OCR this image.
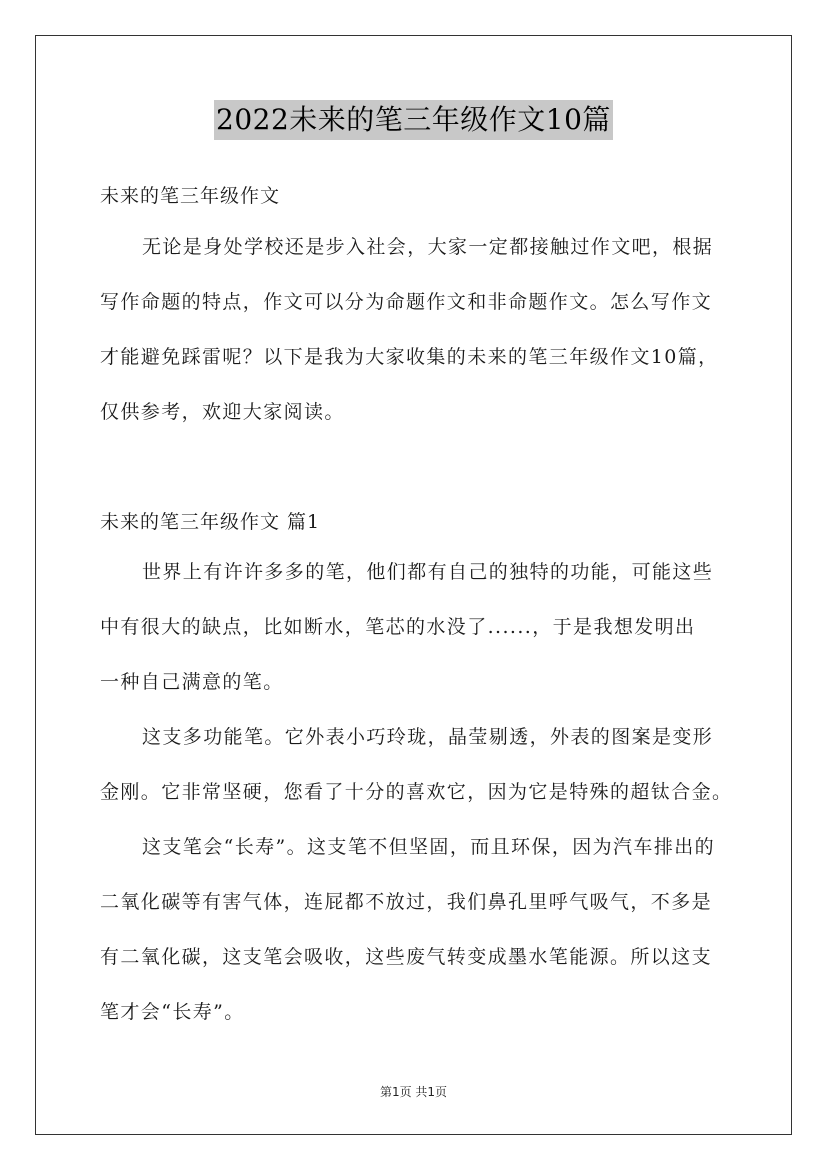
2022未来的笔三年级作文10篇
未来的笔三年级作文
无论是身处学校还是步入社会，大家一定都接触过作文吧，根据
写作命题的特点，作文可以分为命题作文和非命题作文。怎么写作文
才能避免踩雷呢？以下是我为大家收集的未来的笔三年级作文10篇，
仅供参考，欢迎大家阅读。
未来的笔三年级作文 篇1
世界上有许许多多的笔，他们都有自己的独特的功能，可能这些
中有很大的缺点，比如断水，笔芯的水没了......，于是我想发明出
一种自己满意的笔。
这支多功能笔。它外表小巧玲珑，晶莹剔透，外表的图案是变形
金刚。它非常坚硬，您看了十分的喜欢它，因为它是特殊的超钛合金。
这支笔会“长寿”。这支笔不但坚固，而且环保，因为汽车排出的
二氧化碳等有害气体，连屁都不放过，我们鼻孔里呼气吸气，不多是
有二氧化碳，这支笔会吸收，这些废气转变成墨水笔能源。所以这支
笔才会“长寿”。
第1页 共1页
